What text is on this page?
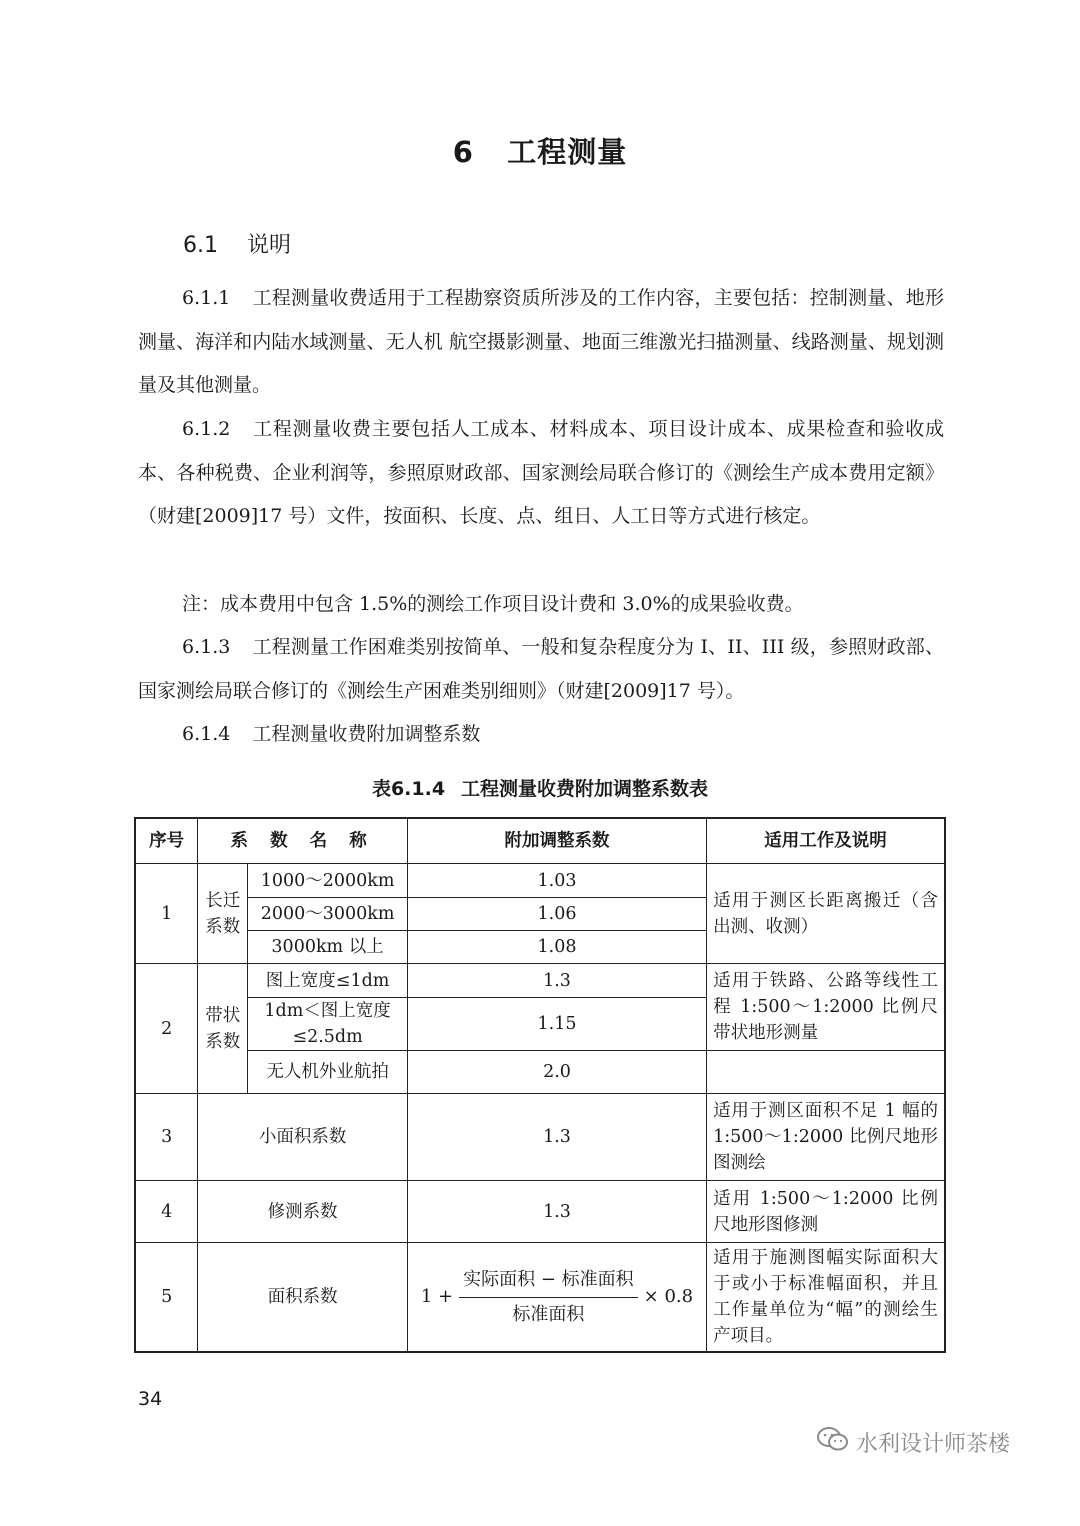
6 工程测量
6.1 说明

6.1.1 工程测量收费适用于工程勘察资质所涉及的工作内容，主要包括：控制测量、地形测量、海洋和内陆水域测量、无人机 航空摄影测量、地面三维激光扫描测量、线路测量、规划测量及其他测量。

6.1.2 工程测量收费主要包括人工成本、材料成本、项目设计成本、成果检查和验收成本、各种税费、企业利润等，参照原财政部、国家测绘局联合修订的《测绘生产成本费用定额》（财建[2009]17 号）文件，按面积、长度、点、组日、人工日等方式进行核定。

注：成本费用中包含 1.5%的测绘工作项目设计费和 3.0%的成果验收费。

6.1.3 工程测量工作困难类别按简单、一般和复杂程度分为 I、II、III 级，参照财政部、国家测绘局联合修订的《测绘生产困难类别细则》（财建[2009]17 号）。

6.1.4 工程测量收费附加调整系数

表6.1.4 工程测量收费附加调整系数表
序号	系 数 名 称		附加调整系数	适用工作及说明
1	长迁系数	1000～2000km	1.03	适用于测区长距离搬迁（含出测、收测）
		2000～3000km	1.06	
		3000km 以上	1.08	
2	带状系数	图上宽度≤1dm	1.3	适用于铁路、公路等线性工程 1:500～1:2000 比例尺带状地形测量
		1dm＜图上宽度≤2.5dm	1.15	
		无人机外业航拍	2.0	
3	小面积系数		1.3	适用于测区面积不足 1 幅的 1:500～1:2000 比例尺地形图测绘
4	修测系数		1.3	适用 1:500～1:2000 比例尺地形图修测
5	面积系数		$1 + \frac{\text{实际面积 − 标准面积}}{\text{标准面积}} \times 0.8$	适用于施测图幅实际面积大于或小于标准幅面积，并且工作量单位为“幅”的测绘生产项目。
34
水利设计师茶楼
